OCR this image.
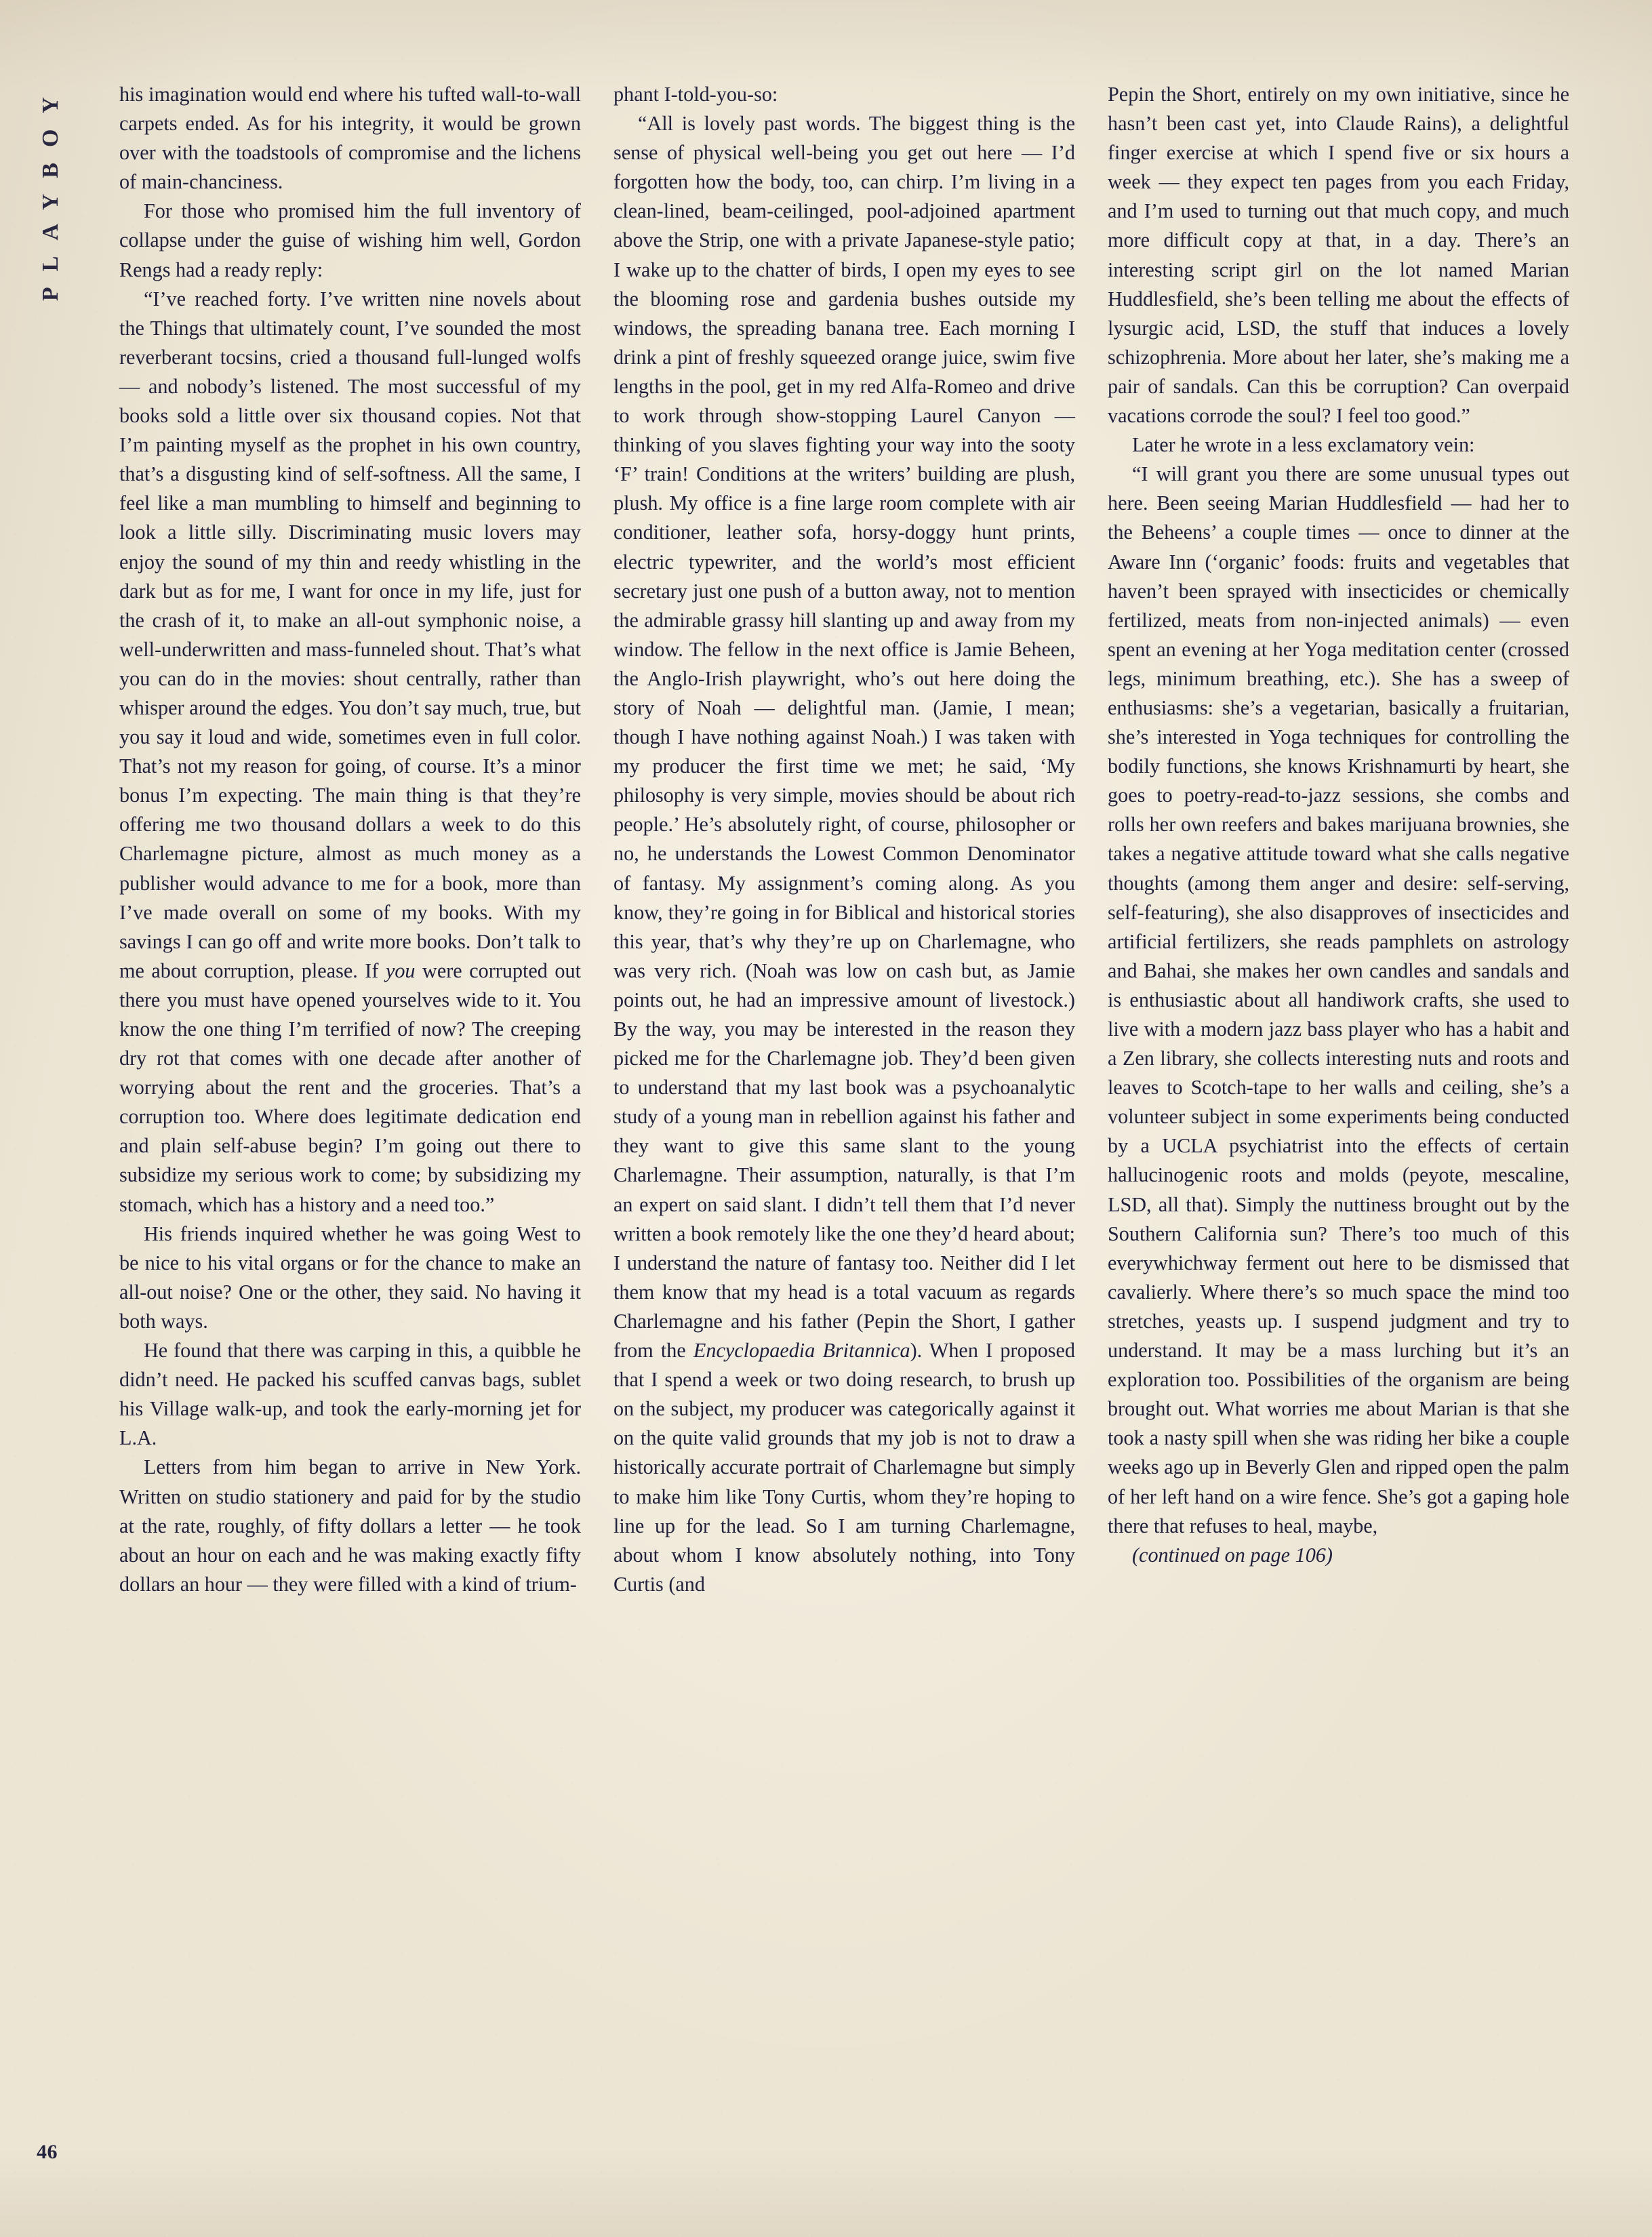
PLAYBOY	his imagination would end where his tufted wall-to-wall carpets ended. As for his integrity, it would be grown over with the toadstools of compromise and the lichens of main-chanciness.

For those who promised him the full inventory of collapse under the guise of wishing him well, Gordon Rengs had a ready reply:

“I’ve reached forty. I’ve written nine novels about the Things that ultimately count, I’ve sounded the most reverberant tocsins, cried a thousand full-lunged wolfs — and nobody’s listened. The most successful of my books sold a little over six thousand copies. Not that I’m painting myself as the prophet in his own country, that’s a disgusting kind of self-softness. All the same, I feel like a man mumbling to himself and beginning to look a little silly. Discriminating music lovers may enjoy the sound of my thin and reedy whistling in the dark but as for me, I want for once in my life, just for the crash of it, to make an all-out symphonic noise, a well-underwritten and mass-funneled shout. That’s what you can do in the movies: shout centrally, rather than whisper around the edges. You don’t say much, true, but you say it loud and wide, sometimes even in full color. That’s not my reason for going, of course. It’s a minor bonus I’m expecting. The main thing is that they’re offering me two thousand dollars a week to do this Charlemagne picture, almost as much money as a publisher would advance to me for a book, more than I’ve made overall on some of my books. With my savings I can go off and write more books. Don’t talk to me about corruption, please. If you were corrupted out there you must have opened yourselves wide to it. You know the one thing I’m terrified of now? The creeping dry rot that comes with one decade after another of worrying about the rent and the groceries. That’s a corruption too. Where does legitimate dedication end and plain self-abuse begin? I’m going out there to subsidize my serious work to come; by subsidizing my stomach, which has a history and a need too.”

His friends inquired whether he was going West to be nice to his vital organs or for the chance to make an all-out noise? One or the other, they said. No having it both ways.

He found that there was carping in this, a quibble he didn’t need. He packed his scuffed canvas bags, sublet his Village walk-up, and took the early-morning jet for L.A.

Letters from him began to arrive in New York. Written on studio stationery and paid for by the studio at the rate, roughly, of fifty dollars a letter — he took about an hour on each and he was making exactly fifty dollars an hour — they were filled with a kind of trium-

phant I-told-you-so:

“All is lovely past words. The biggest thing is the sense of physical well-being you get out here — I’d forgotten how the body, too, can chirp. I’m living in a clean-lined, beam-ceilinged, pool-adjoined apartment above the Strip, one with a private Japanese-style patio; I wake up to the chatter of birds, I open my eyes to see the blooming rose and gardenia bushes outside my windows, the spreading banana tree. Each morning I drink a pint of freshly squeezed orange juice, swim five lengths in the pool, get in my red Alfa-Romeo and drive to work through show-stopping Laurel Canyon — thinking of you slaves fighting your way into the sooty ‘F’ train! Conditions at the writers’ building are plush, plush. My office is a fine large room complete with air conditioner, leather sofa, horsy-doggy hunt prints, electric typewriter, and the world’s most efficient secretary just one push of a button away, not to mention the admirable grassy hill slanting up and away from my window. The fellow in the next office is Jamie Beheen, the Anglo-Irish playwright, who’s out here doing the story of Noah — delightful man. (Jamie, I mean; though I have nothing against Noah.) I was taken with my producer the first time we met; he said, ‘My philosophy is very simple, movies should be about rich people.’ He’s absolutely right, of course, philosopher or no, he understands the Lowest Common Denominator of fantasy. My assignment’s coming along. As you know, they’re going in for Biblical and historical stories this year, that’s why they’re up on Charlemagne, who was very rich. (Noah was low on cash but, as Jamie points out, he had an impressive amount of livestock.) By the way, you may be interested in the reason they picked me for the Charlemagne job. They’d been given to understand that my last book was a psychoanalytic study of a young man in rebellion against his father and they want to give this same slant to the young Charlemagne. Their assumption, naturally, is that I’m an expert on said slant. I didn’t tell them that I’d never written a book remotely like the one they’d heard about; I understand the nature of fantasy too. Neither did I let them know that my head is a total vacuum as regards Charlemagne and his father (Pepin the Short, I gather from the Encyclopaedia Britannica). When I proposed that I spend a week or two doing research, to brush up on the subject, my producer was categorically against it on the quite valid grounds that my job is not to draw a historically accurate portrait of Charlemagne but simply to make him like Tony Curtis, whom they’re hoping to line up for the lead. So I am turning Charlemagne, about whom I know absolutely nothing, into Tony Curtis (and

Pepin the Short, entirely on my own initiative, since he hasn’t been cast yet, into Claude Rains), a delightful finger exercise at which I spend five or six hours a week — they expect ten pages from you each Friday, and I’m used to turning out that much copy, and much more difficult copy at that, in a day. There’s an interesting script girl on the lot named Marian Huddlesfield, she’s been telling me about the effects of lysurgic acid, LSD, the stuff that induces a lovely schizophrenia. More about her later, she’s making me a pair of sandals. Can this be corruption? Can overpaid vacations corrode the soul? I feel too good.”

Later he wrote in a less exclamatory vein:

“I will grant you there are some unusual types out here. Been seeing Marian Huddlesfield — had her to the Beheens’ a couple times — once to dinner at the Aware Inn (‘organic’ foods: fruits and vegetables that haven’t been sprayed with insecticides or chemically fertilized, meats from non-injected animals) — even spent an evening at her Yoga meditation center (crossed legs, minimum breathing, etc.). She has a sweep of enthusiasms: she’s a vegetarian, basically a fruitarian, she’s interested in Yoga techniques for controlling the bodily functions, she knows Krishnamurti by heart, she goes to poetry-read-to-jazz sessions, she combs and rolls her own reefers and bakes marijuana brownies, she takes a negative attitude toward what she calls negative thoughts (among them anger and desire: self-serving, self-featuring), she also disapproves of insecticides and artificial fertilizers, she reads pamphlets on astrology and Bahai, she makes her own candles and sandals and is enthusiastic about all handiwork crafts, she used to live with a modern jazz bass player who has a habit and a Zen library, she collects interesting nuts and roots and leaves to Scotch-tape to her walls and ceiling, she’s a volunteer subject in some experiments being conducted by a UCLA psychiatrist into the effects of certain hallucinogenic roots and molds (peyote, mescaline, LSD, all that). Simply the nuttiness brought out by the Southern California sun? There’s too much of this everywhichway ferment out here to be dismissed that cavalierly. Where there’s so much space the mind too stretches, yeasts up. I suspend judgment and try to understand. It may be a mass lurching but it’s an exploration too. Possibilities of the organism are being brought out. What worries me about Marian is that she took a nasty spill when she was riding her bike a couple weeks ago up in Beverly Glen and ripped open the palm of her left hand on a wire fence. She’s got a gaping hole there that refuses to heal, maybe,

(continued on page 106)

46
